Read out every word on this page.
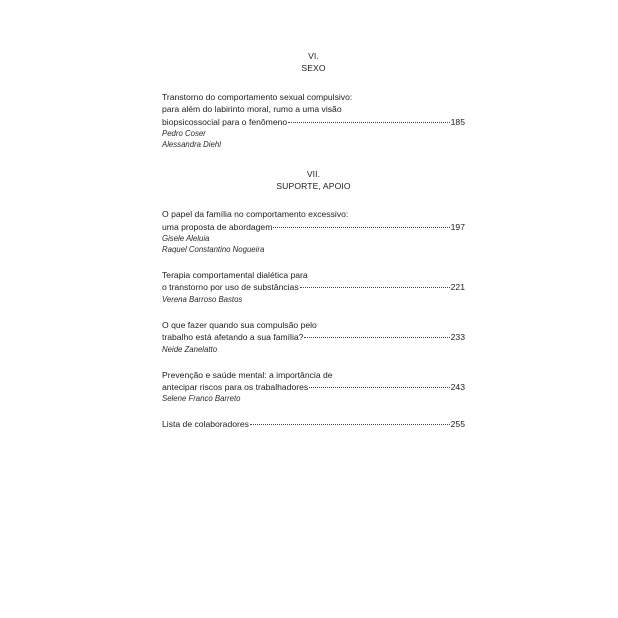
VI.
SEXO
Transtorno do comportamento sexual compulsivo:
para além do labirinto moral, rumo a uma visão
biopsicossocial para o fenômeno	185
Pedro Coser
Alessandra Diehl
VII.
SUPORTE, APOIO
O papel da família no comportamento excessivo:
uma proposta de abordagem	197
Gisele Aleluia
Raquel Constantino Nogueira
Terapia comportamental dialética para
o transtorno por uso de substâncias	221
Verena Barroso Bastos
O que fazer quando sua compulsão pelo
trabalho está afetando a sua família?	233
Neide Zanelatto
Prevenção e saúde mental: a importância de
antecipar riscos para os trabalhadores	243
Selene Franco Barreto
Lista de colaboradores	255
